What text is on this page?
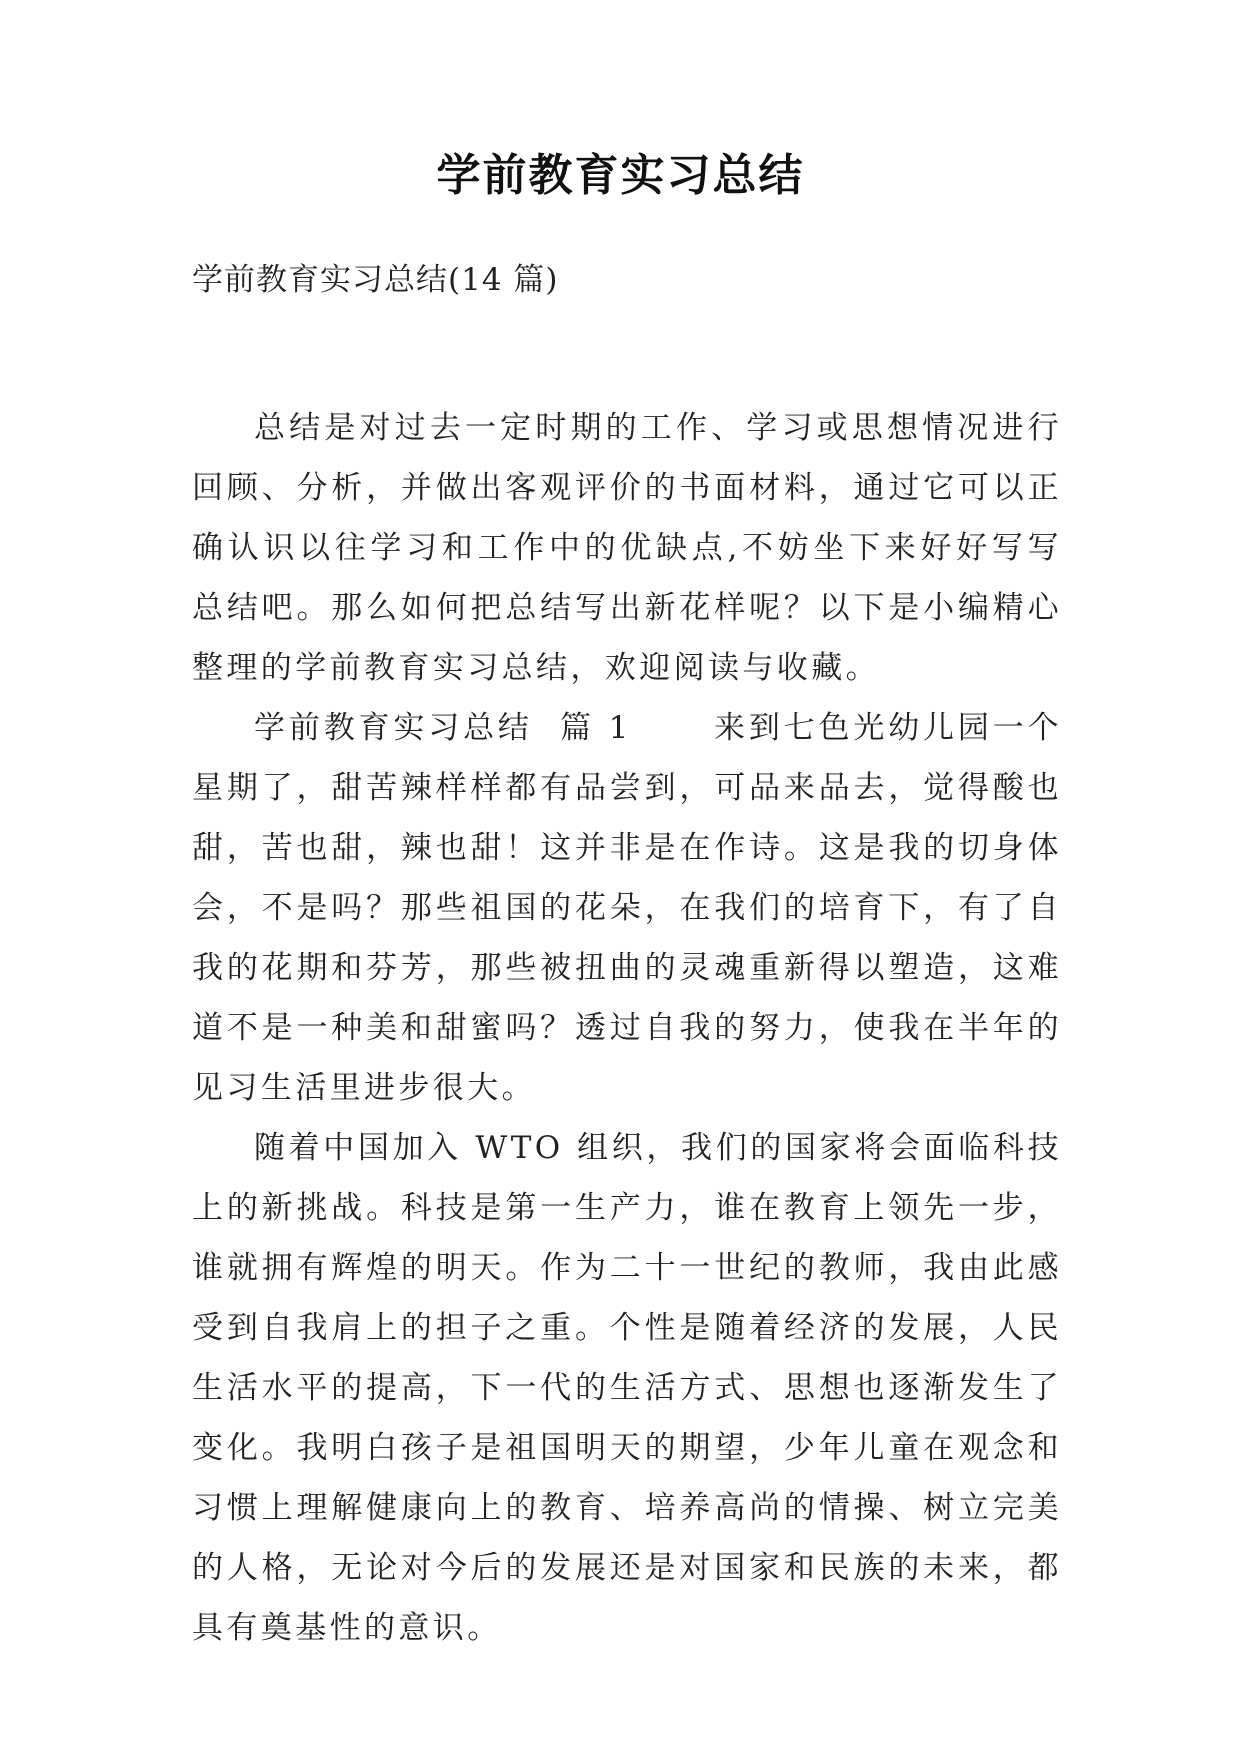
学前教育实习总结

学前教育实习总结(14 篇)

总结是对过去一定时期的工作、学习或思想情况进行回顾、分析，并做出客观评价的书面材料，通过它可以正确认识以往学习和工作中的优缺点,不妨坐下来好好写写总结吧。那么如何把总结写出新花样呢？以下是小编精心整理的学前教育实习总结，欢迎阅读与收藏。

学前教育实习总结  篇 1      来到七色光幼儿园一个星期了，甜苦辣样样都有品尝到，可品来品去，觉得酸也甜，苦也甜，辣也甜！这并非是在作诗。这是我的切身体会，不是吗？那些祖国的花朵，在我们的培育下，有了自我的花期和芬芳，那些被扭曲的灵魂重新得以塑造，这难道不是一种美和甜蜜吗？透过自我的努力，使我在半年的见习生活里进步很大。

随着中国加入 WTO 组织，我们的国家将会面临科技上的新挑战。科技是第一生产力，谁在教育上领先一步，谁就拥有辉煌的明天。作为二十一世纪的教师，我由此感受到自我肩上的担子之重。个性是随着经济的发展，人民生活水平的提高，下一代的生活方式、思想也逐渐发生了变化。我明白孩子是祖国明天的期望，少年儿童在观念和习惯上理解健康向上的教育、培养高尚的情操、树立完美的人格，无论对今后的发展还是对国家和民族的未来，都具有奠基性的意识。
